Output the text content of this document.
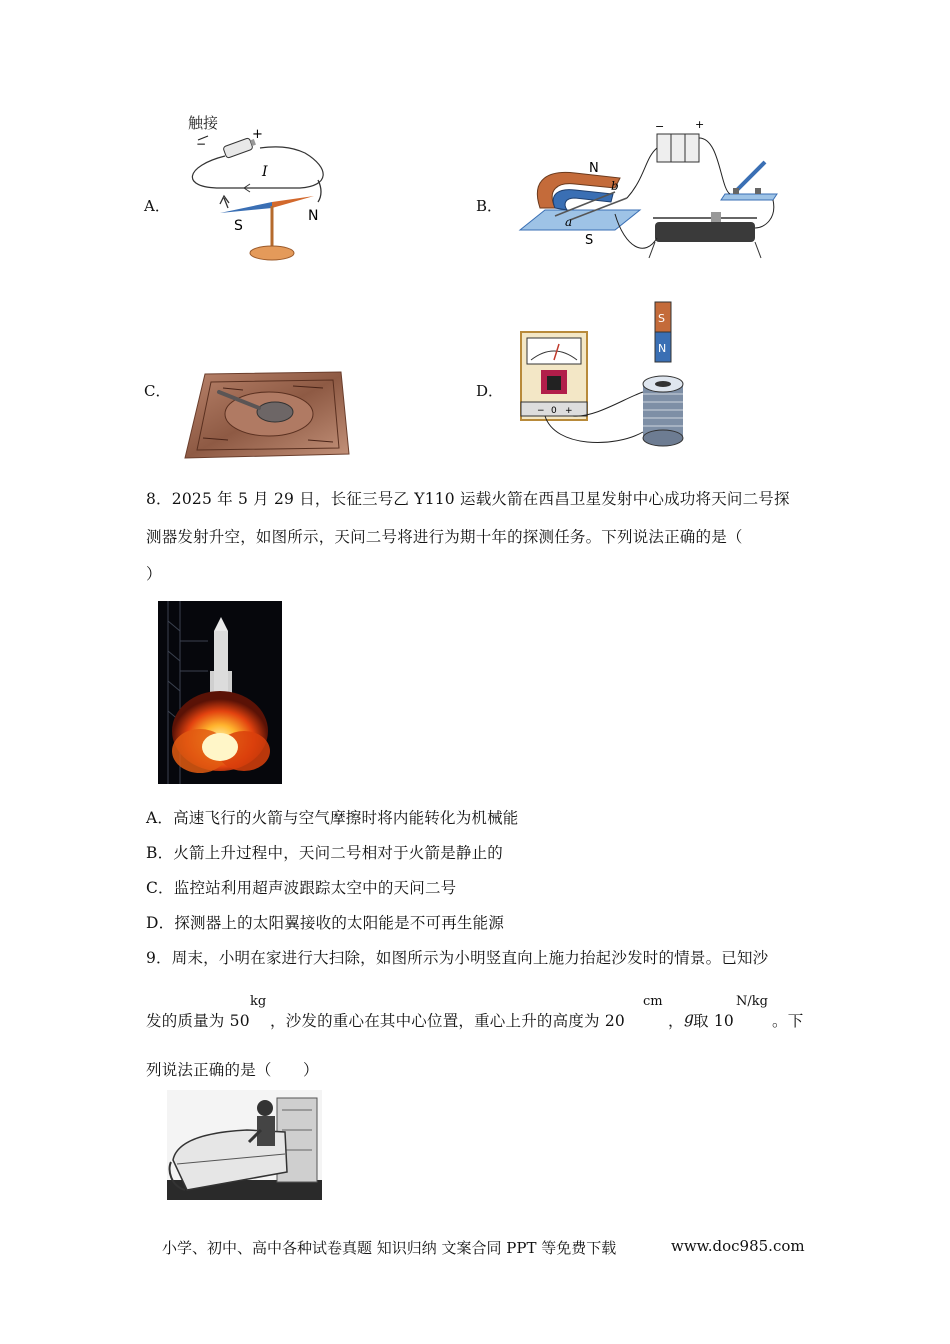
A．
触接
−
+
I
S
N
B．
N
S
a
b
−	+
C．	D．
S
N
− 0 +
8．2025 年 5 月 29 日，长征三号乙 Y110 运载火箭在西昌卫星发射中心成功将天问二号探
测器发射升空，如图所示，天问二号将进行为期十年的探测任务。下列说法正确的是（
）
A．高速飞行的火箭与空气摩擦时将内能转化为机械能
B．火箭上升过程中，天问二号相对于火箭是静止的
C．监控站利用超声波跟踪太空中的天问二号
D．探测器上的太阳翼接收的太阳能是不可再生能源
9．周末，小明在家进行大扫除，如图所示为小明竖直向上施力抬起沙发时的情景。已知沙
发的质量为 50
kg
，沙发的重心在其中心位置，重心上升的高度为 20
cm
， g
取 10
N/kg
。下
列说法正确的是（　　）
小学、初中、高中各种试卷真题 知识归纳 文案合同 PPT 等免费下载	www.doc985.com
